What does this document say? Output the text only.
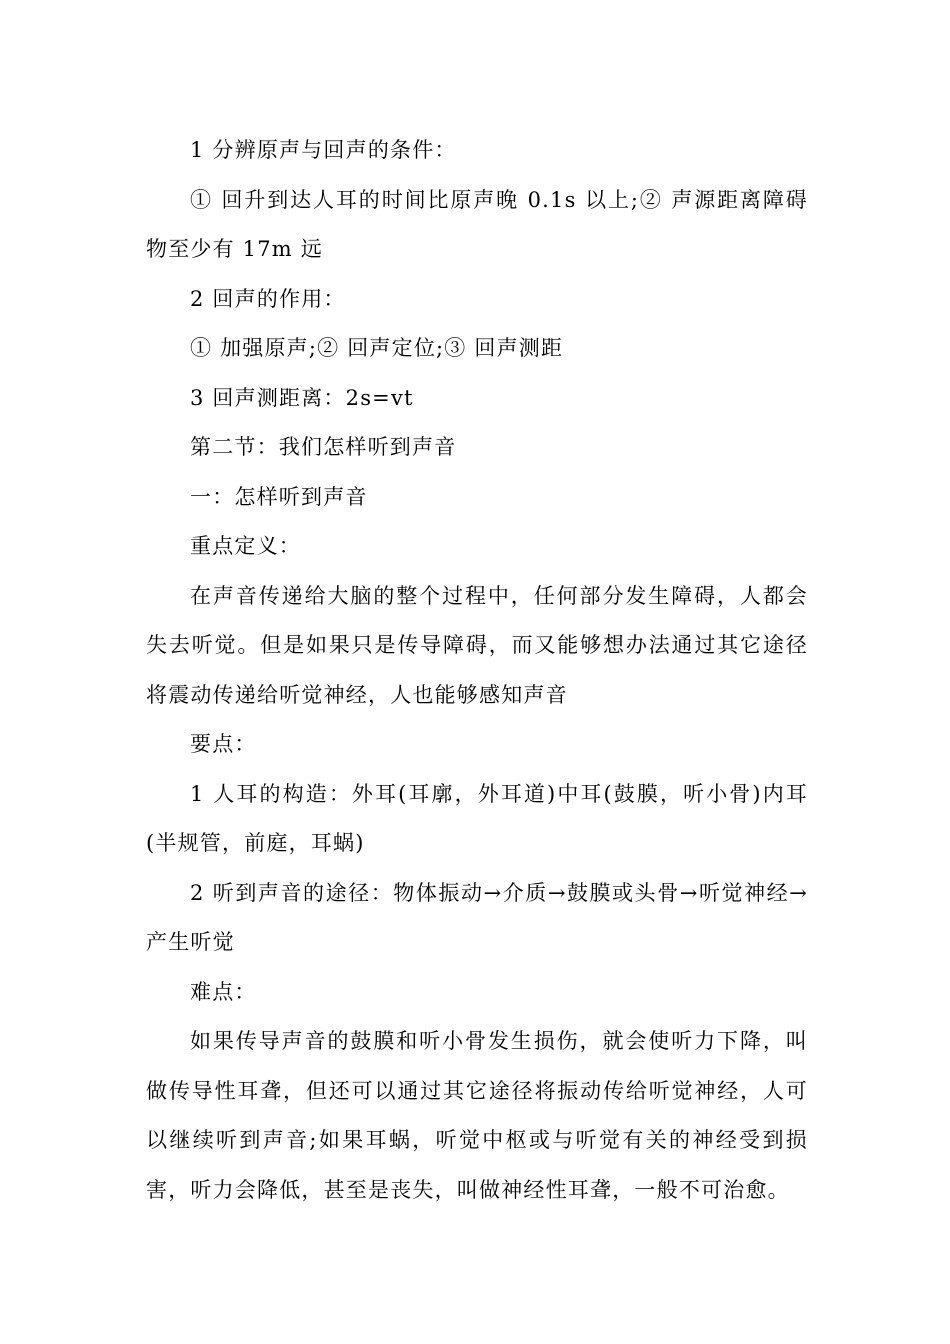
1 分辨原声与回声的条件：

① 回升到达人耳的时间比原声晚 0.1s 以上;② 声源距离障碍物至少有 17m 远

2 回声的作用：

① 加强原声;② 回声定位;③ 回声测距

3 回声测距离：2s=vt

第二节：我们怎样听到声音

一：怎样听到声音

重点定义：

在声音传递给大脑的整个过程中，任何部分发生障碍，人都会失去听觉。但是如果只是传导障碍，而又能够想办法通过其它途径将震动传递给听觉神经，人也能够感知声音

要点：

1 人耳的构造：外耳(耳廓，外耳道)中耳(鼓膜，听小骨)内耳(半规管，前庭，耳蜗)

2 听到声音的途径：物体振动→介质→鼓膜或头骨→听觉神经→产生听觉

难点：

如果传导声音的鼓膜和听小骨发生损伤，就会使听力下降，叫做传导性耳聋，但还可以通过其它途径将振动传给听觉神经，人可以继续听到声音;如果耳蜗，听觉中枢或与听觉有关的神经受到损害，听力会降低，甚至是丧失，叫做神经性耳聋，一般不可治愈。
